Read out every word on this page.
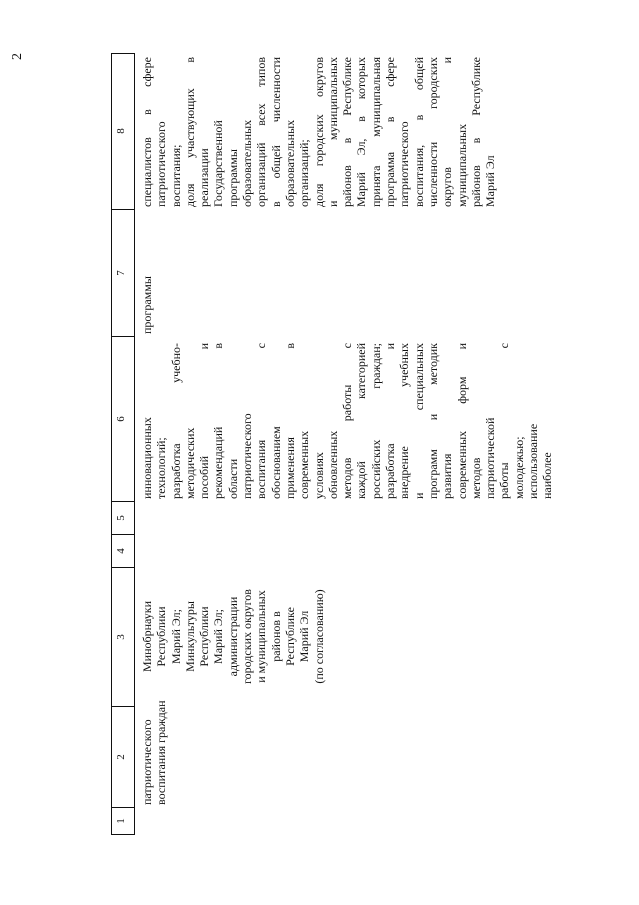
2
1
2
3
4
5
6
7
8
патриотического воспитания граждан
Минобрнауки Республики Марий Эл; Минкультуры Республики Марий Эл; администрации городских округов и муниципальных районов в Республике Марий Эл (по согласованию)
инновационных технологий; разработка учебно- методических пособий и рекомендаций в области патриотического воспитания с обоснованием применения в современных условиях обновленных методов работы с каждой категорией российских граждан; разработка и внедрение учебных и специальных программ и методик развития современных форм и методов патриотической работы с молодежью; использование наиболее
программы
специалистов в сфере патриотического воспитания; доля участвующих в реализации Государственной программы образовательных организаций всех типов в общей численности образовательных организаций; доля городских округов и муниципальных районов в Республике Марий Эл, в которых принята муниципальная программа в сфере патриотического воспитания, в общей численности городских округов и муниципальных районов в Республике Марий Эл
